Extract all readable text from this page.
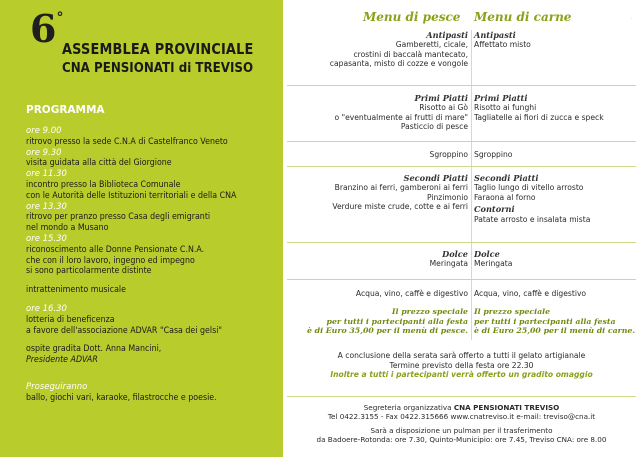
6°
ASSEMBLEA PROVINCIALE
CNA PENSIONATI di TREVISO
PROGRAMMA
ore 9.00
ritrovo presso la sede C.N.A di Castelfranco Veneto
ore 9.30
visita guidata alla città del Giorgione
ore 11.30
incontro presso la Biblioteca Comunale
con le Autorità delle Istituzioni territoriali e della CNA
ore 13.30
ritrovo per pranzo presso Casa degli emigranti
nel mondo a Musano
ore 15.30
riconoscimento alle Donne Pensionate C.N.A.
che con il loro lavoro, ingegno ed impegno
si sono particolarmente distinte
intrattenimento musicale
ore 16.30
lotteria di beneficenza
a favore dell'associazione ADVAR "Casa dei gelsi"
ospite gradita Dott. Anna Mancini,
Presidente ADVAR
Proseguiranno
ballo, giochi vari, karaoke, filastrocche e poesie.
Menu di pesce Menu di carne	·
Antipasti
Gamberetti, cicale,
crostini di baccalà mantecato,
capasanta, misto di cozze e vongole
Antipasti
Affettato misto
Primi Piatti
Risotto ai Gò
o "eventualmente ai frutti di mare"
Pasticcio di pesce
Primi Piatti
Risotto ai funghi
Tagliatelle ai fiori di zucca e speck
Sgroppino Sgroppino
Secondi Piatti
Branzino ai ferri, gamberoni ai ferri
Pinzimonio
Verdure miste crude, cotte e ai ferri
Secondi Piatti
Taglio lungo di vitello arrosto
Faraona al forno
Contorni
Patate arrosto e insalata mista
Dolce
Meringata
Dolce
Meringata
Acqua, vino, caffè e digestivo Acqua, vino, caffè e digestivo
Il prezzo speciale
per tutti i partecipanti alla festa
è di Euro 35,00 per il menù di pesce.
Il prezzo speciale
per tutti i partecipanti alla festa
è di Euro 25,00 per il menù di carne.
A conclusione della serata sarà offerto a tutti il gelato artigianale
Termine previsto della festa ore 22.30
Inoltre a tutti i partecipanti verrà offerto un gradito omaggio
Segreteria organizzativa CNA PENSIONATI TREVISO
Tel 0422.3155 - Fax 0422.315666 www.cnatreviso.it e-mail: treviso@cna.it
Sarà a disposizione un pulman per il trasferimento
da Badoere-Rotonda: ore 7.30, Quinto-Municipio: ore 7.45, Treviso CNA: ore 8.00
